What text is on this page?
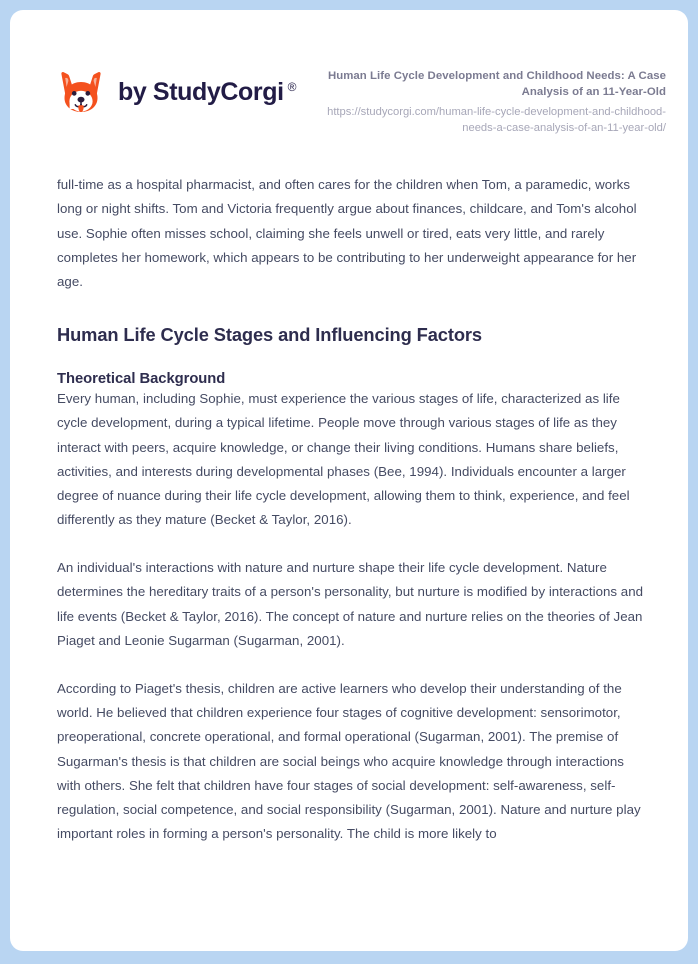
by StudyCorgi ®
Human Life Cycle Development and Childhood Needs: A Case Analysis of an 11-Year-Old
https://studycorgi.com/human-life-cycle-development-and-childhood-needs-a-case-analysis-of-an-11-year-old/

full-time as a hospital pharmacist, and often cares for the children when Tom, a paramedic, works long or night shifts. Tom and Victoria frequently argue about finances, childcare, and Tom's alcohol use. Sophie often misses school, claiming she feels unwell or tired, eats very little, and rarely completes her homework, which appears to be contributing to her underweight appearance for her age.

Human Life Cycle Stages and Influencing Factors
Theoretical Background

Every human, including Sophie, must experience the various stages of life, characterized as life cycle development, during a typical lifetime. People move through various stages of life as they interact with peers, acquire knowledge, or change their living conditions. Humans share beliefs, activities, and interests during developmental phases (Bee, 1994). Individuals encounter a larger degree of nuance during their life cycle development, allowing them to think, experience, and feel differently as they mature (Becket & Taylor, 2016).

An individual's interactions with nature and nurture shape their life cycle development. Nature determines the hereditary traits of a person's personality, but nurture is modified by interactions and life events (Becket & Taylor, 2016). The concept of nature and nurture relies on the theories of Jean Piaget and Leonie Sugarman (Sugarman, 2001).

According to Piaget's thesis, children are active learners who develop their understanding of the world. He believed that children experience four stages of cognitive development: sensorimotor, preoperational, concrete operational, and formal operational (Sugarman, 2001). The premise of Sugarman's thesis is that children are social beings who acquire knowledge through interactions with others. She felt that children have four stages of social development: self-awareness, self-regulation, social competence, and social responsibility (Sugarman, 2001). Nature and nurture play important roles in forming a person's personality. The child is more likely to
